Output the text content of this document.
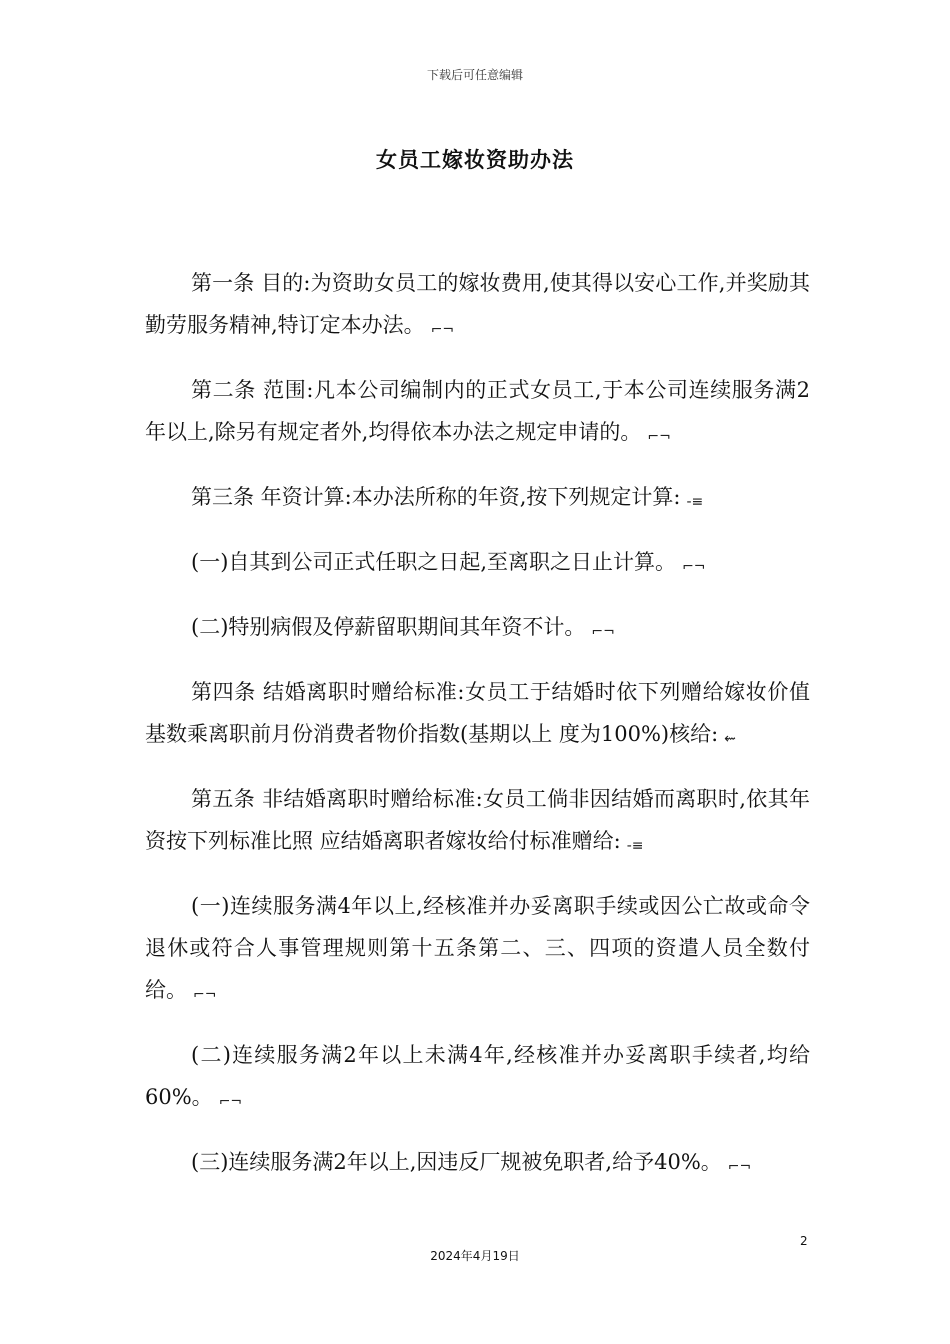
下载后可任意编辑
女员工嫁妆资助办法

第一条 目的:为资助女员工的嫁妆费用,使其得以安心工作,并奖励其勤劳服务精神,特订定本办法。 ⌐¬

第二条 范围:凡本公司编制内的正式女员工,于本公司连续服务满2年以上,除另有规定者外,均得依本办法之规定申请的。 ⌐¬

第三条 年资计算:本办法所称的年资,按下列规定计算: -≡

(一)自其到公司正式任职之日起,至离职之日止计算。 ⌐¬

(二)特别病假及停薪留职期间其年资不计。 ⌐¬

第四条 结婚离职时赠给标准:女员工于结婚时依下列赠给嫁妆价值基数乘离职前月份消费者物价指数(基期以上 度为100%)核给: ⇜

第五条 非结婚离职时赠给标准:女员工倘非因结婚而离职时,依其年资按下列标准比照 应结婚离职者嫁妆给付标准赠给: -≡

(一)连续服务满4年以上,经核准并办妥离职手续或因公亡故或命令退休或符合人事管理规则第十五条第二、三、四项的资遣人员全数付给。 ⌐¬

(二)连续服务满2年以上未满4年,经核准并办妥离职手续者,均给60%。 ⌐¬

(三)连续服务满2年以上,因违反厂规被免职者,给予40%。 ⌐¬

2
2024年4月19日
